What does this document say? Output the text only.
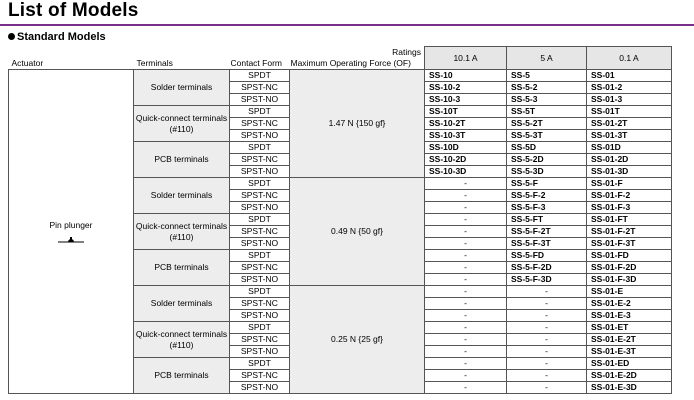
List of Models
Standard Models
Actuator	Terminals	Ratings		10.1 A	5 A	0.1 A
		Contact Form	Maximum Operating Force (OF)			

Pin plunger	Solder terminals	SPDT	1.47 N {150 gf}	SS-10	SS-5	SS-01
		SPST-NC		SS-10-2	SS-5-2	SS-01-2
		SPST-NO		SS-10-3	SS-5-3	SS-01-3
	Quick-connect terminals (#110)	SPDT		SS-10T	SS-5T	SS-01T
		SPST-NC		SS-10-2T	SS-5-2T	SS-01-2T
		SPST-NO		SS-10-3T	SS-5-3T	SS-01-3T
	PCB terminals	SPDT		SS-10D	SS-5D	SS-01D
		SPST-NC		SS-10-2D	SS-5-2D	SS-01-2D
		SPST-NO		SS-10-3D	SS-5-3D	SS-01-3D
	Solder terminals	SPDT	0.49 N {50 gf}	-	SS-5-F	SS-01-F
		SPST-NC		-	SS-5-F-2	SS-01-F-2
		SPST-NO		-	SS-5-F-3	SS-01-F-3
	Quick-connect terminals (#110)	SPDT		-	SS-5-FT	SS-01-FT
		SPST-NC		-	SS-5-F-2T	SS-01-F-2T
		SPST-NO		-	SS-5-F-3T	SS-01-F-3T
	PCB terminals	SPDT		-	SS-5-FD	SS-01-FD
		SPST-NC		-	SS-5-F-2D	SS-01-F-2D
		SPST-NO		-	SS-5-F-3D	SS-01-F-3D
	Solder terminals	SPDT	0.25 N {25 gf}	-	-	SS-01-E
		SPST-NC		-	-	SS-01-E-2
		SPST-NO		-	-	SS-01-E-3
	Quick-connect terminals (#110)	SPDT		-	-	SS-01-ET
		SPST-NC		-	-	SS-01-E-2T
		SPST-NO		-	-	SS-01-E-3T
	PCB terminals	SPDT		-	-	SS-01-ED
		SPST-NC		-	-	SS-01-E-2D
		SPST-NO		-	-	SS-01-E-3D
